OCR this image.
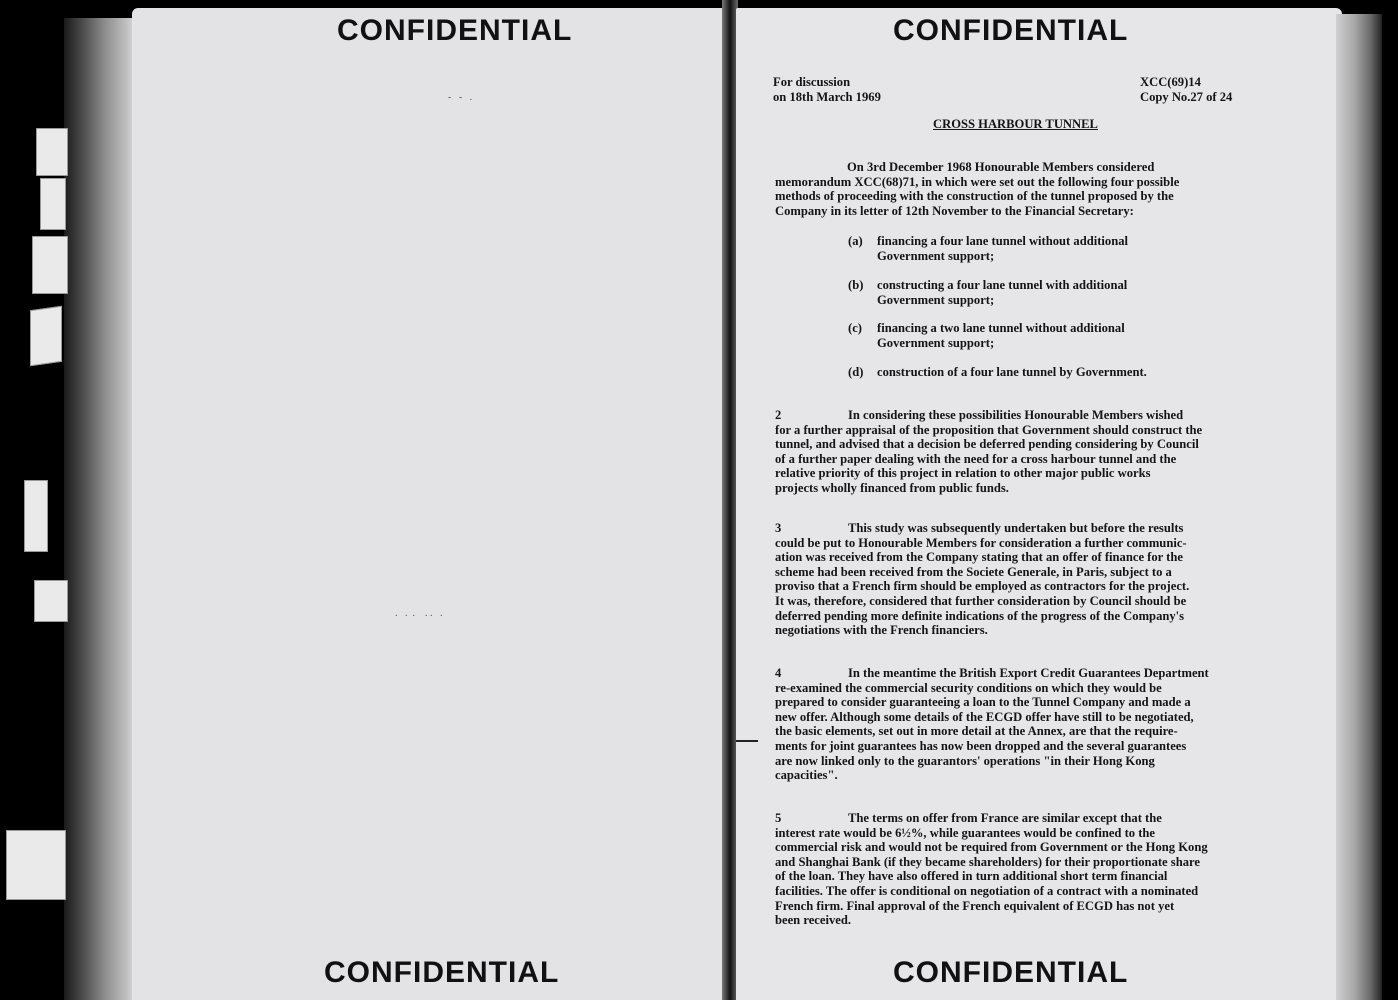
-   -   .
.   .  .    . .   .
CONFIDENTIAL	CONFIDENTIAL
CONFIDENTIAL	CONFIDENTIAL
For discussion
on 18th March 1969
XCC(69)14
Copy No.27 of 24
CROSS HARBOUR TUNNEL
On 3rd December 1968 Honourable Members considered
memorandum XCC(68)71, in which were set out the following four possible
methods of proceeding with the construction of the tunnel proposed by the
Company in its letter of 12th November to the Financial Secretary:
(a) financing a four lane tunnel without additional
Government support;
(b) constructing a four lane tunnel with additional
Government support;
(c) financing a two lane tunnel without additional
Government support;
(d) construction of a four lane tunnel by Government.
2	In considering these possibilities Honourable Members wished
for a further appraisal of the proposition that Government should construct the
tunnel, and advised that a decision be deferred pending considering by Council
of a further paper dealing with the need for a cross harbour tunnel and the
relative priority of this project in relation to other major public works
projects wholly financed from public funds.
3	This study was subsequently undertaken but before the results
could be put to Honourable Members for consideration a further communic-
ation was received from the Company stating that an offer of finance for the
scheme had been received from the Societe Generale, in Paris, subject to a
proviso that a French firm should be employed as contractors for the project.
It was, therefore, considered that further consideration by Council should be
deferred pending more definite indications of the progress of the Company's
negotiations with the French financiers.
4	In the meantime the British Export Credit Guarantees Department
re-examined the commercial security conditions on which they would be
prepared to consider guaranteeing a loan to the Tunnel Company and made a
new offer. Although some details of the ECGD offer have still to be negotiated,
the basic elements, set out in more detail at the Annex, are that the require-
ments for joint guarantees has now been dropped and the several guarantees
are now linked only to the guarantors' operations "in their Hong Kong
capacities".
5	The terms on offer from France are similar except that the
interest rate would be 6½%, while guarantees would be confined to the
commercial risk and would not be required from Government or the Hong Kong
and Shanghai Bank (if they became shareholders) for their proportionate share
of the loan. They have also offered in turn additional short term financial
facilities. The offer is conditional on negotiation of a contract with a nominated
French firm. Final approval of the French equivalent of ECGD has not yet
been received.
